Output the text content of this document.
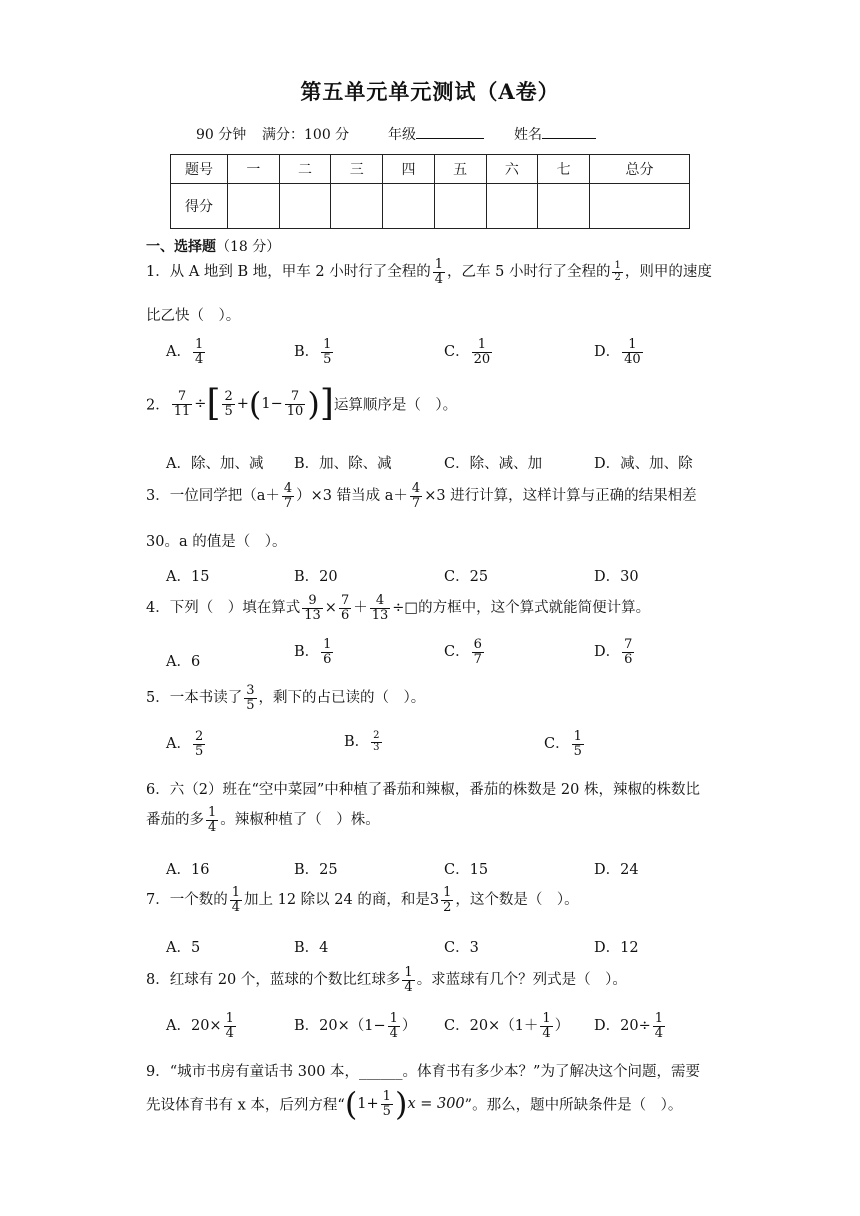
第五单元单元测试（A卷）
90 分钟 满分：100 分	年级	姓名
题号	一	二	三	四	五	六	七	总分
得分								
一、选择题（18 分）
1．从 A 地到 B 地，甲车 2 小时行了全程的 $\frac{1}{4}$ ，乙车 5 小时行了全程的 $\frac{1}{2}$ ，则甲的速度
比乙快（　）。
A． $\frac{1}{4}$	B． $\frac{1}{5}$	C． $\frac{1}{20}$	D． $\frac{1}{40}$
2． $\frac{7}{11}$ ÷[ $\frac{2}{5} +(1- \frac{7}{10}$ )]运算顺序是（　）。
A．除、加、减 B．加、除、减	C．除、减、加	D．减、加、除
3．一位同学把$(a+ \frac{4}{7} )\times 3$ 错当成 $a+ \frac{4}{7} \times 3$ 进行计算，这样计算与正确的结果相差
30。a 的值是（　）。
A．15	B．20	C．25	D．30
4．下列（　）填在算式 $\frac{9}{13} \times \frac{7}{6} + \frac{4}{13}$ ÷□的方框中，这个算式就能简便计算。
A．6
B． $\frac{1}{6}$	C． $\frac{6}{7}$	D． $\frac{7}{6}$
5．一本书读了 $\frac{3}{5}$ ，剩下的占已读的（　）。
A． $\frac{2}{5}$	B． $\frac{2}{3}$	C． $\frac{1}{5}$
6．六（2）班在“空中菜园”中种植了番茄和辣椒，番茄的株数是 20 株，辣椒的株数比
番茄的多 $\frac{1}{4}$ 。辣椒种植了（　）株。
A．16	B．25	C．15	D．24
7．一个数的 $\frac{1}{4}$ 加上 12 除以 24 的商，和是$3 \frac{1}{2}$ ，这个数是（　）。
A．5	B．4	C．3	D．12
8．红球有 20 个，蓝球的个数比红球多 $\frac{1}{4}$ 。求蓝球有几个？列式是（　）。
A．$20\times \frac{1}{4}$	B．$20\times(1- \frac{1}{4}$ ） C．$20\times(1+ \frac{1}{4}$ ） D．$20\div \frac{1}{4}$
9．“城市书房有童话书 300 本，______。体育书有多少本？”为了解决这个问题，需要
先设体育书有 x 本，后列方程“$(1+ \frac{1}{5} )x = 300$”。那么，题中所缺条件是（　）。
